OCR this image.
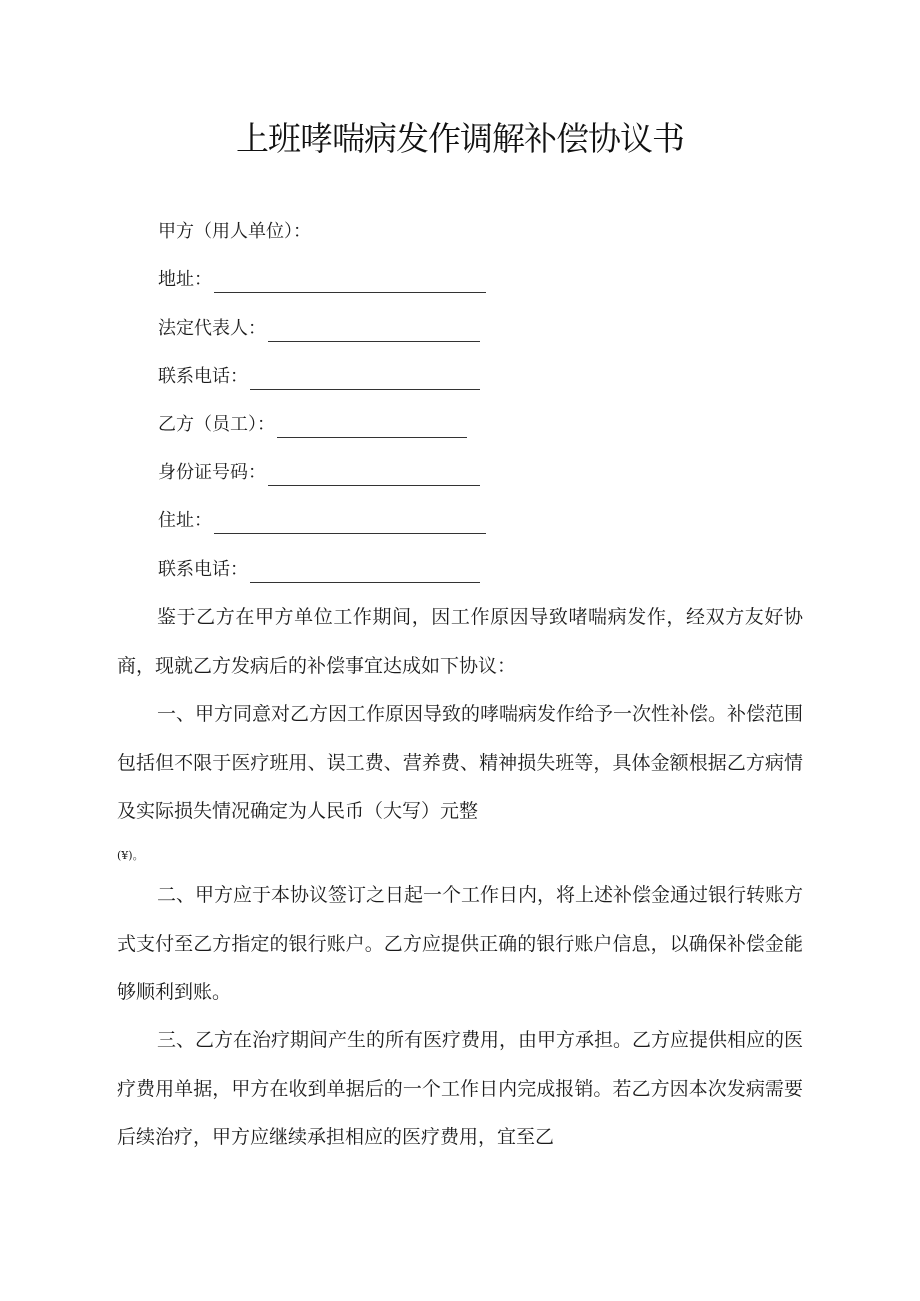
上班哮喘病发作调解补偿协议书
甲方（用人单位）：
地址：
法定代表人：
联系电话：
乙方（员工）：
身份证号码：
住址：
联系电话：

鉴于乙方在甲方单位工作期间，因工作原因导致啫喘病发作，经双方友好协商，现就乙方发病后的补偿事宜达成如下协议：

一、甲方同意对乙方因工作原因导致的哮喘病发作给予一次性补偿。补偿范围包括但不限于医疗班用、误工费、营养费、精神损失班等，具体金额根据乙方病情及实际损失情况确定为人民币（大写）元整

(¥)。

二、甲方应于本协议签订之日起一个工作日内，将上述补偿金通过银行转账方式支付至乙方指定的银行账户。乙方应提供正确的银行账户信息，以确保补偿金能够顺利到账。

三、乙方在治疗期间产生的所有医疗费用，由甲方承担。乙方应提供相应的医疗费用单据，甲方在收到单据后的一个工作日内完成报销。若乙方因本次发病需要后续治疗，甲方应继续承担相应的医疗费用，宜至乙
